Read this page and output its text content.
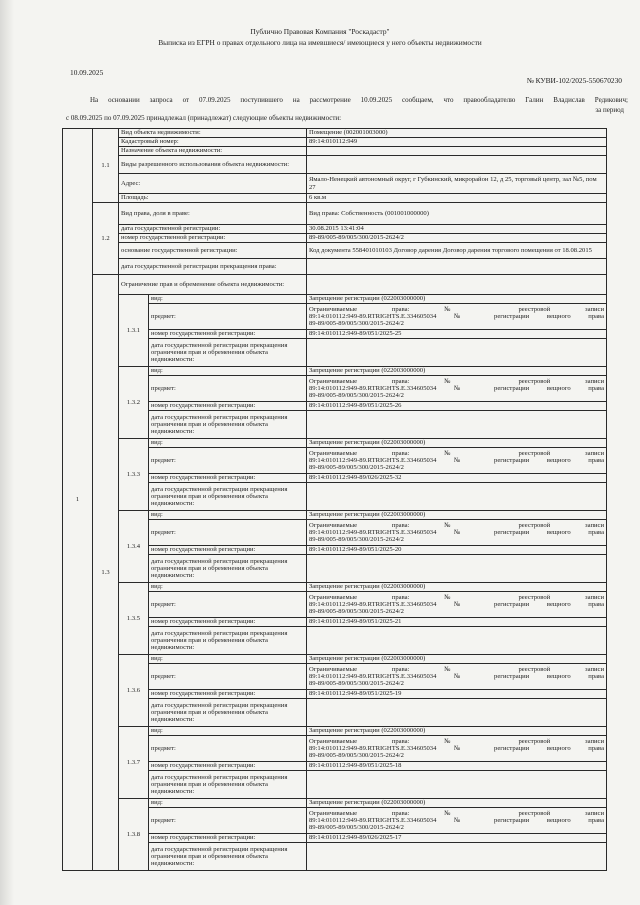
Публично Правовая Компания "Роскадастр"
Выписка из ЕГРН о правах отдельного лица на имевшиеся/ имеющиеся у него объекты недвижимости
10.09.2025
№ КУВИ-102/2025-550670230
На основании запроса от 07.09.2025 поступившего на рассмотрение 10.09.2025 сообщаем, что правообладателю Галин Владислав Редикович;
за период
с 08.09.2025 по 07.09.2025 принадлежал (принадлежат) следующие объекты недвижимости:
1	1.1	Вид объекта недвижимости:		Помещение (002001003000)
		Кадастровый номер:		89:14:010112:949
		Назначение объекта недвижимости:		
		Виды разрешенного использования объекта недвижимости:		
		Адрес:		Ямало-Ненецкий автономный округ, г Губкинский, микрорайон 12, д 25, торговый центр, зал №5, пом 27
		Площадь:		6 кв.м
	1.2	Вид права, доля в праве:		Вид права: Собственность (001001000000)
		дата государственной регистрации:		30.08.2015 13:41:04
		номер государственной регистрации:		89-89/005-89/005/300/2015-2624/2
		основание государственной регистрации:		Код документа 558401010103 Договор дарения Договор дарения торгового помещения от 18.08.2015
		дата государственной регистрации прекращения права:		
	1.3	Ограничение прав и обременение объекта недвижимости:		
		1.3.1	вид:	Запрещение регистрации (022003000000)
			предмет:	Ограничиваемые права: № реестровой записи
89:14:010112:949-89.RTRIGHTS.E.334605034 № регистрации вещного права
89-89/005-89/005/300/2015-2624/2

			номер государственной регистрации:	89:14:010112:949-89/051/2025-25
			дата государственной регистрации прекращения ограничения прав и обременения объекта недвижимости:	
		1.3.2	вид:	Запрещение регистрации (022003000000)
			предмет:	Ограничиваемые права: № реестровой записи
89:14:010112:949-89.RTRIGHTS.E.334605034 № регистрации вещного права
89-89/005-89/005/300/2015-2624/2

			номер государственной регистрации:	89:14:010112:949-89/051/2025-26
			дата государственной регистрации прекращения ограничения прав и обременения объекта недвижимости:	
		1.3.3	вид:	Запрещение регистрации (022003000000)
			предмет:	Ограничиваемые права: № реестровой записи
89:14:010112:949-89.RTRIGHTS.E.334605034 № регистрации вещного права
89-89/005-89/005/300/2015-2624/2

			номер государственной регистрации:	89:14:010112:949-89/026/2025-32
			дата государственной регистрации прекращения ограничения прав и обременения объекта недвижимости:	
		1.3.4	вид:	Запрещение регистрации (022003000000)
			предмет:	Ограничиваемые права: № реестровой записи
89:14:010112:949-89.RTRIGHTS.E.334605034 № регистрации вещного права
89-89/005-89/005/300/2015-2624/2

			номер государственной регистрации:	89:14:010112:949-89/051/2025-20
			дата государственной регистрации прекращения ограничения прав и обременения объекта недвижимости:	
		1.3.5	вид:	Запрещение регистрации (022003000000)
			предмет:	Ограничиваемые права: № реестровой записи
89:14:010112:949-89.RTRIGHTS.E.334605034 № регистрации вещного права
89-89/005-89/005/300/2015-2624/2

			номер государственной регистрации:	89:14:010112:949-89/051/2025-21
			дата государственной регистрации прекращения ограничения прав и обременения объекта недвижимости:	
		1.3.6	вид:	Запрещение регистрации (022003000000)
			предмет:	Ограничиваемые права: № реестровой записи
89:14:010112:949-89.RTRIGHTS.E.334605034 № регистрации вещного права
89-89/005-89/005/300/2015-2624/2

			номер государственной регистрации:	89:14:010112:949-89/051/2025-19
			дата государственной регистрации прекращения ограничения прав и обременения объекта недвижимости:	
		1.3.7	вид:	Запрещение регистрации (022003000000)
			предмет:	Ограничиваемые права: № реестровой записи
89:14:010112:949-89.RTRIGHTS.E.334605034 № регистрации вещного права
89-89/005-89/005/300/2015-2624/2

			номер государственной регистрации:	89:14:010112:949-89/051/2025-18
			дата государственной регистрации прекращения ограничения прав и обременения объекта недвижимости:	
		1.3.8	вид:	Запрещение регистрации (022003000000)
			предмет:	Ограничиваемые права: № реестровой записи
89:14:010112:949-89.RTRIGHTS.E.334605034 № регистрации вещного права
89-89/005-89/005/300/2015-2624/2

			номер государственной регистрации:	89:14:010112:949-89/026/2025-17
			дата государственной регистрации прекращения ограничения прав и обременения объекта недвижимости:	
